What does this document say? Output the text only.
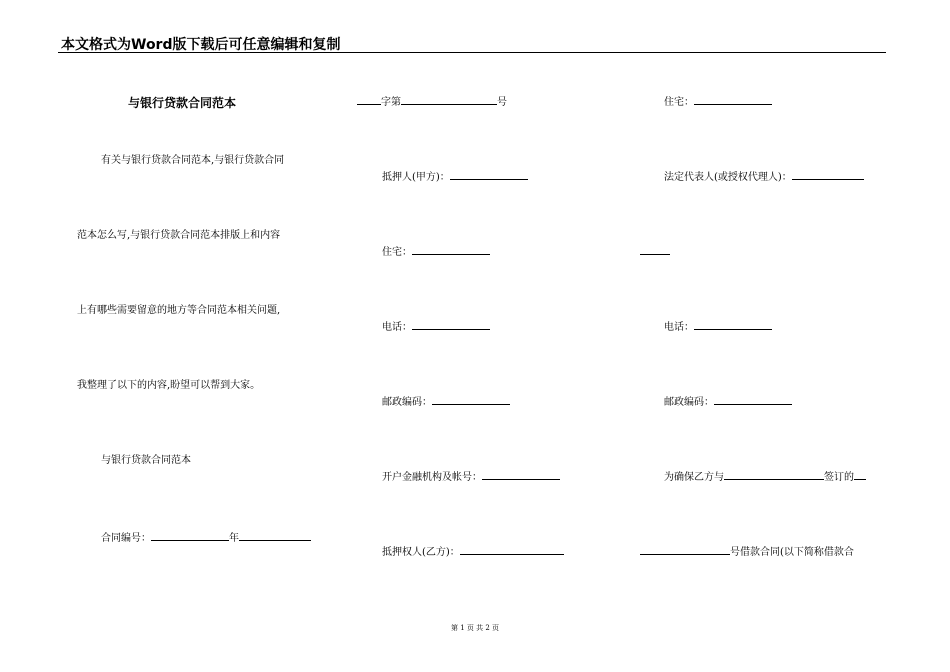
本文格式为Word版下载后可任意编辑和复制
与银行贷款合同范本
有关与银行贷款合同范本,与银行贷款合同
范本怎么写,与银行贷款合同范本排版上和内容
上有哪些需要留意的地方等合同范本相关问题,
我整理了以下的内容,盼望可以帮到大家。
与银行贷款合同范本
合同编号：	年
字第	号
抵押人(甲方)：
住宅：
电话：
邮政编码：
开户金融机构及帐号：
抵押权人(乙方)：
住宅：
法定代表人(或授权代理人)：
电话：
邮政编码：
为确保乙方与	签订的
号借款合同(以下简称借款合
第 1 页 共 2 页
